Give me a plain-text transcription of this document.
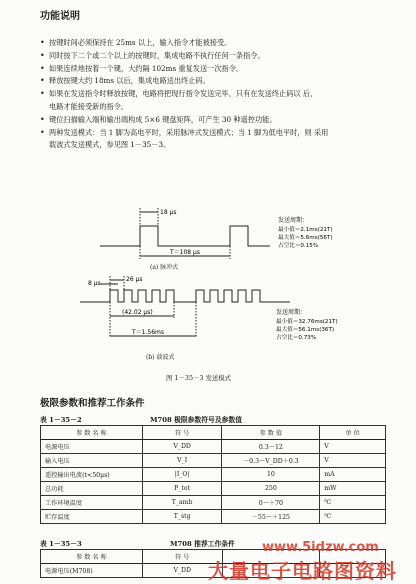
功能说明
• 按键时间必须保持在 25ms 以上，输入指令才能被接受。
• 同时按下二个或二个以上的按键时，集成电路不执行任何一条指令。
• 如果连续地按着一个键，大约隔 102ms 重复发送一次指令。
• 释放按键大约 18ms 以后，集成电路送出终止码。
• 如果在发送指令时释放按键，电路将把现行指令发送完毕，只有在发送终止码以 后，
电路才能接受新的指令。
• 键位扫描输入端和输出端构成 5×6 键盘矩阵，可产生 30 种遥控功能。
• 两种发送模式：当 1 脚为高电平时，采用脉冲式发送模式；当 1 脚为低电平时，则 采用
载波式发送模式，参见图 1－35－3。
18 μs
T＝108 μs
发送周期：
最小值＝2.1ms(21T)
最大值＝5.6ms(56T)
占空比＝0.15%
(a) 脉冲式
26 μs
8 μs
(42.02 μs)
T＝1.56ms
发送周期：
最小值＝32.76ms(21T)
最大值＝56.1ms(36T)
占空比＝0.73%
(b) 载波式
图 1－35－3 发送模式
极限参数和推荐工作条件
表 1－35－2	M708 极限参数符号及参数值
参 数 名 称	符 号	参 数 值	单 位
电源电压	V_DD	0.3～12	V
输入电压	V_I	－0.3～V_DD＋0.3	V
遥控输出电流(t<50μs)	|I_O|	10	mA
总功耗	P_tot	250	mW
工作环境温度	T_amb	0～＋70	℃
贮存温度	T_stg	－55～＋125	℃
表 1－35－3	M708 推荐工作条件
参 数 名 称	符 号		
电源电压(M708)	V_DD		
www.5idzw.com
大量电子电路图资料
